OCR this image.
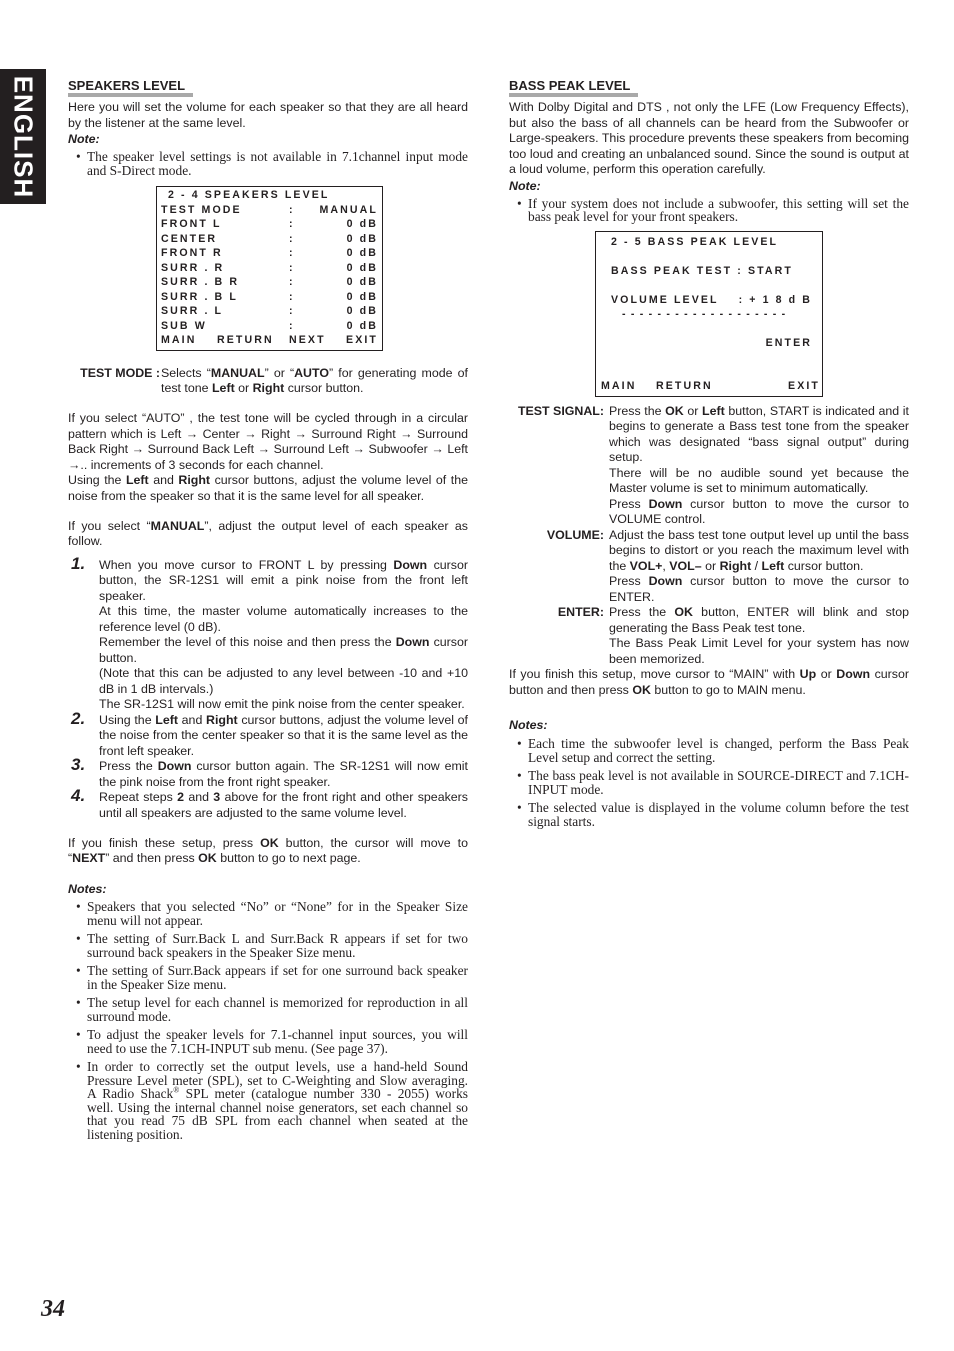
ENGLISH SPEAKERS LEVEL

Here you will set the volume for each speaker so that they are all heard by the listener at the same level.

Note:
• The speaker level settings is not available in 7.1channel input mode and S-Direct mode.
2 - 4 SPEAKERS LEVEL
TEST MODE	:	MANUAL
FRONT L	:	0 dB
CENTER	:	0 dB
FRONT R	:	0 dB
SURR . R	:	0 dB
SURR . B R	:	0 dB
SURR . B L	:	0 dB
SURR . L	:	0 dB
SUB W	:	0 dB
MAIN	RETURN	NEXT	EXIT
TEST MODE : Selects “MANUAL” or “AUTO” for generating mode of test tone Left or Right cursor button.

If you select “AUTO” , the test tone will be cycled through in a circular pattern which is Left → Center → Right → Surround Right → Surround Back Right → Surround Back Left → Surround Left → Subwoofer → Left →.. increments of 3 seconds for each channel.

Using the Left and Right cursor buttons, adjust the volume level of the noise from the speaker so that it is the same level for all speaker.

If you select “MANUAL”, adjust the output level of each speaker as follow.

1. When you move cursor to FRONT L by pressing Down cursor button, the SR-12S1 will emit a pink noise from the front left speaker.

At this time, the master volume automatically increases to the reference level (0 dB).

Remember the level of this noise and then press the Down cursor button.

(Note that this can be adjusted to any level between -10 and +10 dB in 1 dB intervals.)

The SR-12S1 will now emit the pink noise from the center speaker.

2. Using the Left and Right cursor buttons, adjust the volume level of the noise from the center speaker so that it is the same level as the front left speaker.

3. Press the Down cursor button again. The SR-12S1 will now emit the pink noise from the front right speaker.

4. Repeat steps 2 and 3 above for the front right and other speakers until all speakers are adjusted to the same volume level.

If you finish these setup, press OK button, the cursor will move to “NEXT” and then press OK button to go to next page.

Notes:
• Speakers that you selected “No” or “None” for in the Speaker Size menu will not appear.
• The setting of Surr.Back L and Surr.Back R appears if set for two surround back speakers in the Speaker Size menu.
• The setting of Surr.Back appears if set for one surround back speaker in the Speaker Size menu.
• The setup level for each channel is memorized for reproduction in all surround mode.
• To adjust the speaker levels for 7.1-channel input sources, you will need to use the 7.1CH-INPUT sub menu. (See page 37).
• In order to correctly set the output levels, use a hand-held Sound Pressure Level meter (SPL), set to C-Weighting and Slow averaging. A Radio Shack® SPL meter (catalogue number 330 - 2055) works well. Using the internal channel noise generators, set each channel so that you read 75 dB SPL from each channel when seated at the listening position.
BASS PEAK LEVEL

With Dolby Digital and DTS , not only the LFE (Low Frequency Effects), but also the bass of all channels can be heard from the Subwoofer or Large-speakers. This procedure prevents these speakers from becoming too loud and creating an unbalanced sound. Since the sound is output at a loud volume, perform this operation carefully.

Note:
• If your system does not include a subwoofer, this setting will set the bass peak level for your front speakers.
2 - 5 BASS PEAK LEVEL
BASS PEAK TEST : START
VOLUME LEVEL : + 1 8 d B
- - - - - - - - - - - - - - - - - - -
ENTER
MAIN RETURN	EXIT
TEST SIGNAL: Press the OK or Left button, START is indicated and it begins to generate a Bass test tone from the speaker which was designated “bass signal output” during setup.

There will be no audible sound yet because the Master volume is set to minimum automatically.

Press Down cursor button to move the cursor to VOLUME control.

VOLUME: Adjust the bass test tone output level up until the bass begins to distort or you reach the maximum level with the VOL+, VOL– or Right / Left cursor button.

Press Down cursor button to move the cursor to ENTER.

ENTER: Press the OK button, ENTER will blink and stop generating the Bass Peak test tone.

The Bass Peak Limit Level for your system has now been memorized.

If you finish this setup, move cursor to “MAIN” with Up or Down cursor button and then press OK button to go to MAIN menu.

Notes:
• Each time the subwoofer level is changed, perform the Bass Peak Level setup and correct the setting.
• The bass peak level is not available in SOURCE-DIRECT and 7.1CH-INPUT mode.
• The selected value is displayed in the volume column before the test signal starts.
34
